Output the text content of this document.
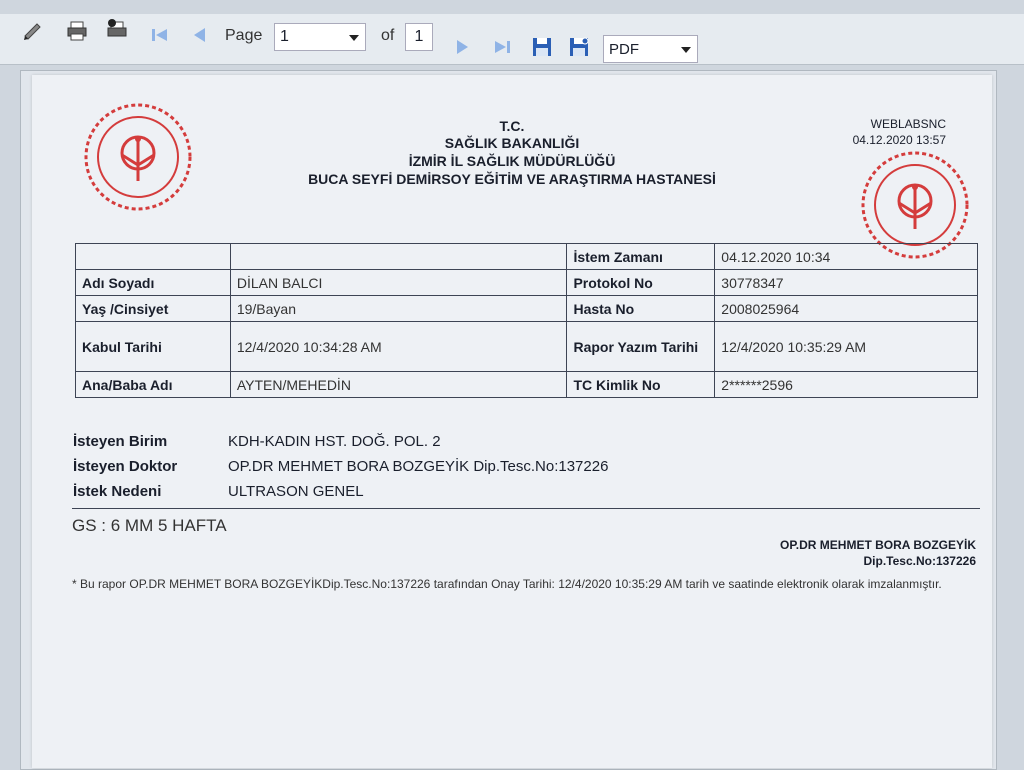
Page 1	of	1
PDF
T.C.
SAĞLIK BAKANLIĞI
İZMİR İL SAĞLIK MÜDÜRLÜĞÜ
BUCA SEYFİ DEMİRSOY EĞİTİM VE ARAŞTIRMA HASTANESİ
WEBLABSNC
04.12.2020 13:57
		İstem Zamanı	04.12.2020 10:34
Adı Soyadı	DİLAN BALCI	Protokol No	30778347
Yaş /Cinsiyet	19/Bayan	Hasta No	2008025964
Kabul Tarihi	12/4/2020 10:34:28 AM	Rapor Yazım Tarihi	12/4/2020 10:35:29 AM
Ana/Baba Adı	AYTEN/MEHEDİN	TC Kimlik No	2******2596
İsteyen Birim	KDH-KADIN HST. DOĞ. POL. 2
İsteyen Doktor	OP.DR MEHMET BORA BOZGEYİK Dip.Tesc.No:137226
İstek Nedeni	ULTRASON GENEL
GS : 6 MM 5 HAFTA
OP.DR MEHMET BORA BOZGEYİK
Dip.Tesc.No:137226
* Bu rapor OP.DR MEHMET BORA BOZGEYİKDip.Tesc.No:137226 tarafından Onay Tarihi: 12/4/2020 10:35:29 AM tarih ve saatinde elektronik olarak imzalanmıştır.
